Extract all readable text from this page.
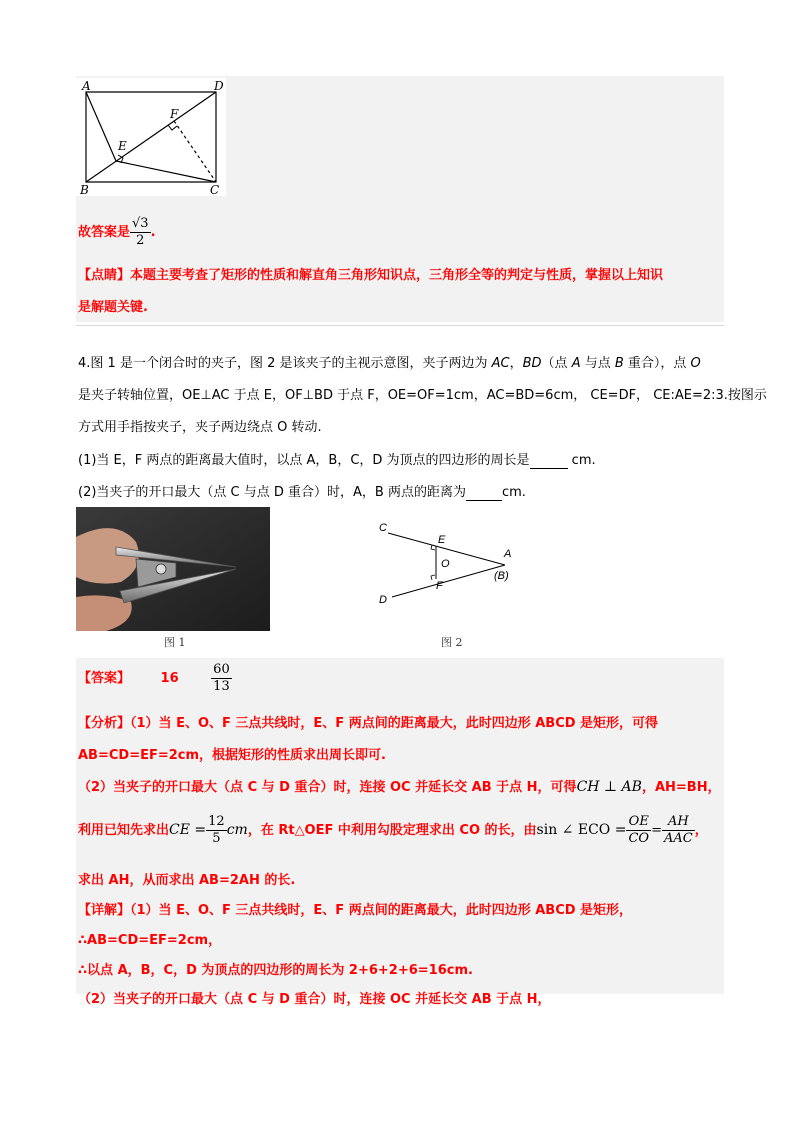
A	D
F
E
B	C
故答案是 $\frac{√3}{2}$ .
【点睛】本题主要考查了矩形的性质和解直角三角形知识点，三角形全等的判定与性质，掌握以上知识
是解题关键.
4.图 1 是一个闭合时的夹子，图 2 是该夹子的主视示意图，夹子两边为 AC，BD（点 A 与点 B 重合），点 O
是夹子转轴位置，OE⊥AC 于点 E，OF⊥BD 于点 F，OE=OF=1cm，AC=BD=6cm， CE=DF， CE:AE=2:3.按图示
方式用手指按夹子，夹子两边绕点 O 转动.
(1)当 E，F 两点的距离最大值时，以点 A，B，C，D 为顶点的四边形的周长是	cm.
(2)当夹子的开口最大（点 C 与点 D 重合）时，A，B 两点的距离为	cm.
C
E
A
O
(B)
F
D
图 1	图 2
【答案】 16	$\frac{60}{13}$
【分析】（1）当 E、O、F 三点共线时，E、F 两点间的距离最大，此时四边形 ABCD 是矩形，可得
AB=CD=EF=2cm，根据矩形的性质求出周长即可.
（2）当夹子的开口最大（点 C 与 D 重合）时，连接 OC 并延长交 AB 于点 H，可得CH ⊥ AB，AH=BH，
利用已知先求出CE = $\frac{12}{5}$ cm，在 Rt△OEF 中利用勾股定理求出 CO 的长，由sin ∠ ECO = $\frac{OE}{CO} = \frac{AH}{\text{AAC}}$ ，
求出 AH，从而求出 AB=2AH 的长.
【详解】（1）当 E、O、F 三点共线时，E、F 两点间的距离最大，此时四边形 ABCD 是矩形，
∴AB=CD=EF=2cm，
∴以点 A，B，C，D 为顶点的四边形的周长为 2+6+2+6=16cm.
（2）当夹子的开口最大（点 C 与 D 重合）时，连接 OC 并延长交 AB 于点 H，
